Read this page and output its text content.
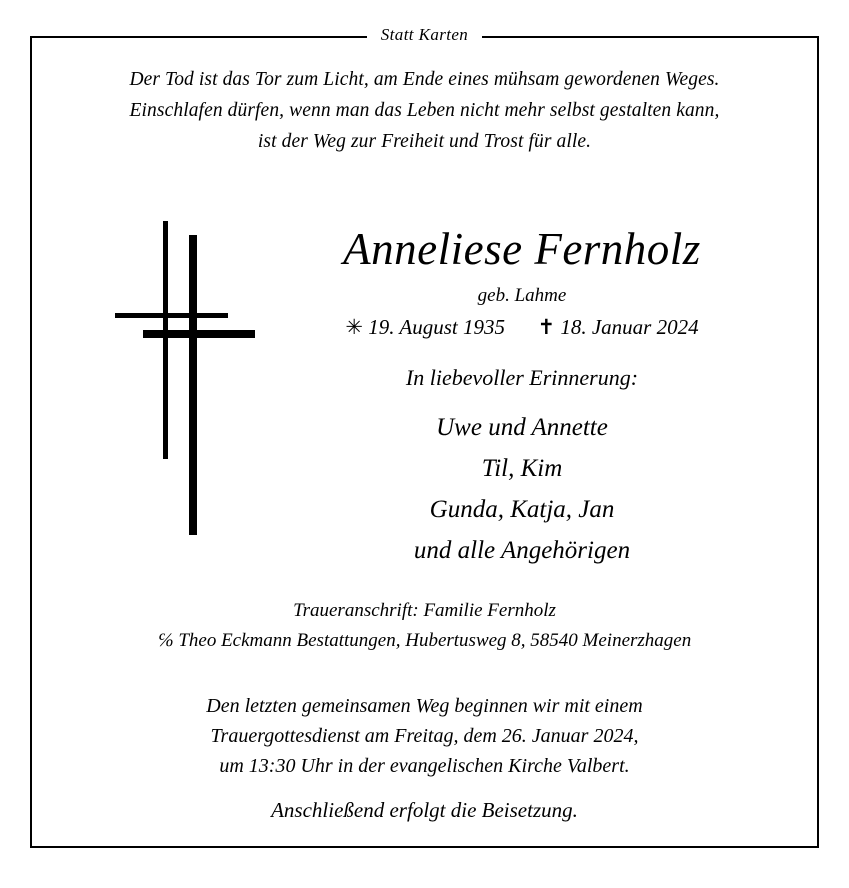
Statt Karten
Der Tod ist das Tor zum Licht, am Ende eines mühsam gewordenen Weges.
Einschlafen dürfen, wenn man das Leben nicht mehr selbst gestalten kann,
ist der Weg zur Freiheit und Trost für alle.
Anneliese Fernholz
geb. Lahme
✳ 19. August 1935 ✝ 18. Januar 2024
In liebevoller Erinnerung:
Uwe und Annette
Til, Kim
Gunda, Katja, Jan
und alle Angehörigen
Traueranschrift: Familie Fernholz
℅ Theo Eckmann Bestattungen, Hubertusweg 8, 58540 Meinerzhagen
Den letzten gemeinsamen Weg beginnen wir mit einem
Trauergottesdienst am Freitag, dem 26. Januar 2024,
um 13:30 Uhr in der evangelischen Kirche Valbert.
Anschließend erfolgt die Beisetzung.
